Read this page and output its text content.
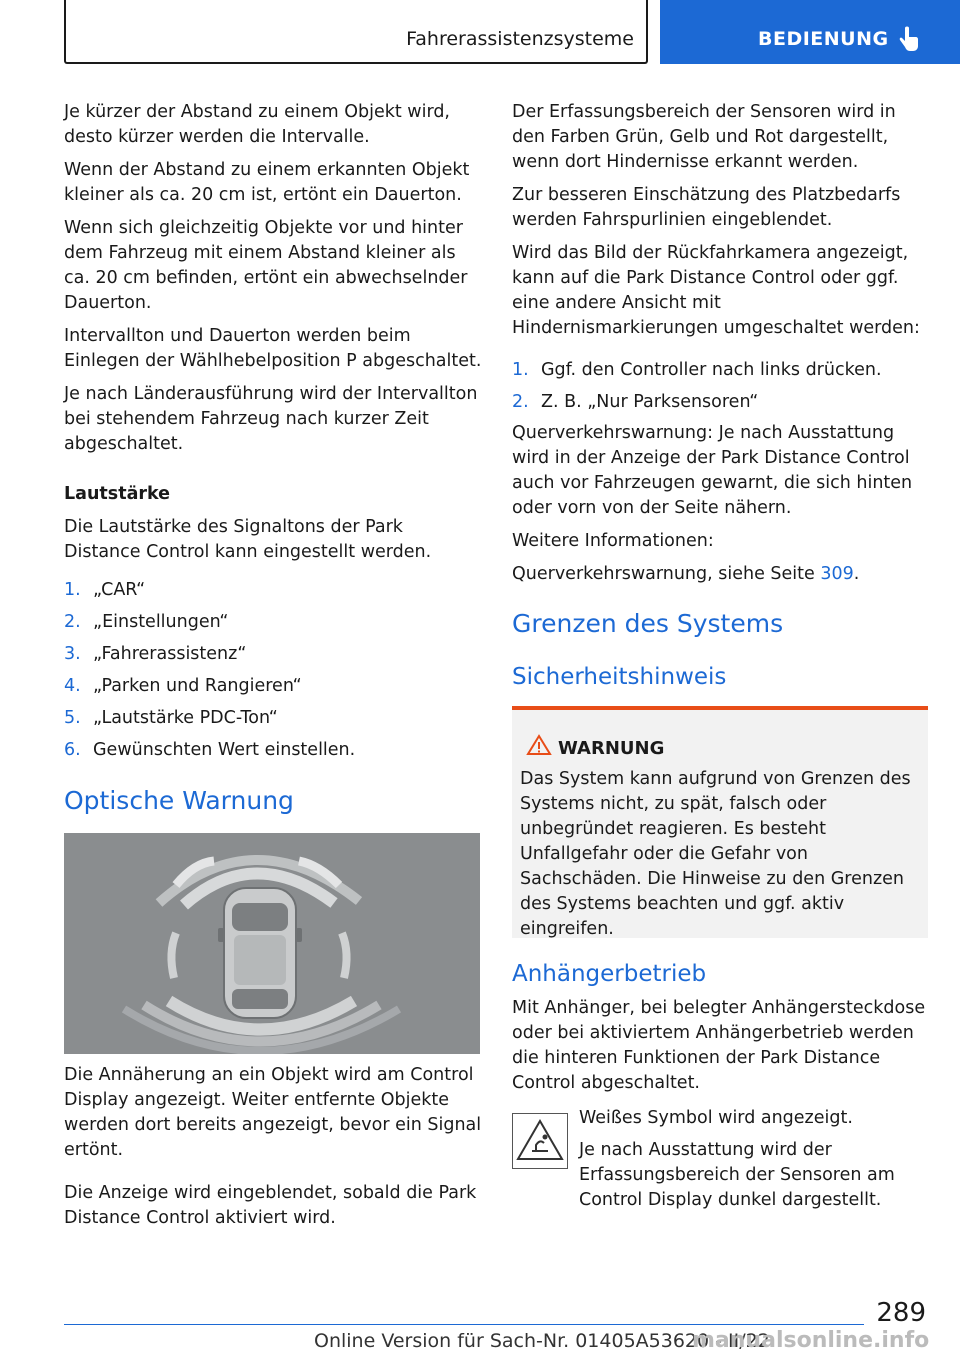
Fahrerassistenzsysteme	BEDIENUNG

Je kürzer der Abstand zu einem Objekt wird, desto kürzer werden die Intervalle.

Wenn der Abstand zu einem erkannten Objekt kleiner als ca. 20 cm ist, ertönt ein Dauerton.

Wenn sich gleichzeitig Objekte vor und hinter dem Fahrzeug mit einem Abstand kleiner als ca. 20 cm befinden, ertönt ein abwechselnder Dauerton.

Intervallton und Dauerton werden beim Einlegen der Wählhebelposition P abgeschaltet.

Je nach Länderausführung wird der Intervallton bei stehendem Fahrzeug nach kurzer Zeit abgeschaltet.

Lautstärke

Die Lautstärke des Signaltons der Park Distance Control kann eingestellt werden.

1. „CAR“
2. „Einstellungen“
3. „Fahrerassistenz“
4. „Parken und Rangieren“
5. „Lautstärke PDC-Ton“
6. Gewünschten Wert einstellen.
Optische Warnung

Die Annäherung an ein Objekt wird am Control Display angezeigt. Weiter entfernte Objekte werden dort bereits angezeigt, bevor ein Signal ertönt.

Die Anzeige wird eingeblendet, sobald die Park Distance Control aktiviert wird.

Der Erfassungsbereich der Sensoren wird in den Farben Grün, Gelb und Rot dargestellt, wenn dort Hindernisse erkannt werden.

Zur besseren Einschätzung des Platzbedarfs werden Fahrspurlinien eingeblendet.

Wird das Bild der Rückfahrkamera angezeigt, kann auf die Park Distance Control oder ggf. eine andere Ansicht mit Hindernismarkierungen umgeschaltet werden:

1. Ggf. den Controller nach links drücken.
2. Z. B. „Nur Parksensoren“

Querverkehrswarnung: Je nach Ausstattung wird in der Anzeige der Park Distance Control auch vor Fahrzeugen gewarnt, die sich hinten oder vorn von der Seite nähern.

Weitere Informationen:

Querverkehrswarnung, siehe Seite 309.

Grenzen des Systems
Sicherheitshinweis
WARNUNG
Das System kann aufgrund von Grenzen des Systems nicht, zu spät, falsch oder unbegründet reagieren. Es besteht Unfallgefahr oder die Gefahr von Sachschäden. Die Hinweise zu den Grenzen des Systems beachten und ggf. aktiv eingreifen.
Anhängerbetrieb

Mit Anhänger, bei belegter Anhängersteckdose oder bei aktiviertem Anhängerbetrieb werden die hinteren Funktionen der Park Distance Control abgeschaltet.

Weißes Symbol wird angezeigt.

Je nach Ausstattung wird der Erfassungsbereich der Sensoren am Control Display dunkel dargestellt.

289
Online Version für Sach-Nr. 01405A53620 - II/22
manualsonline.info
